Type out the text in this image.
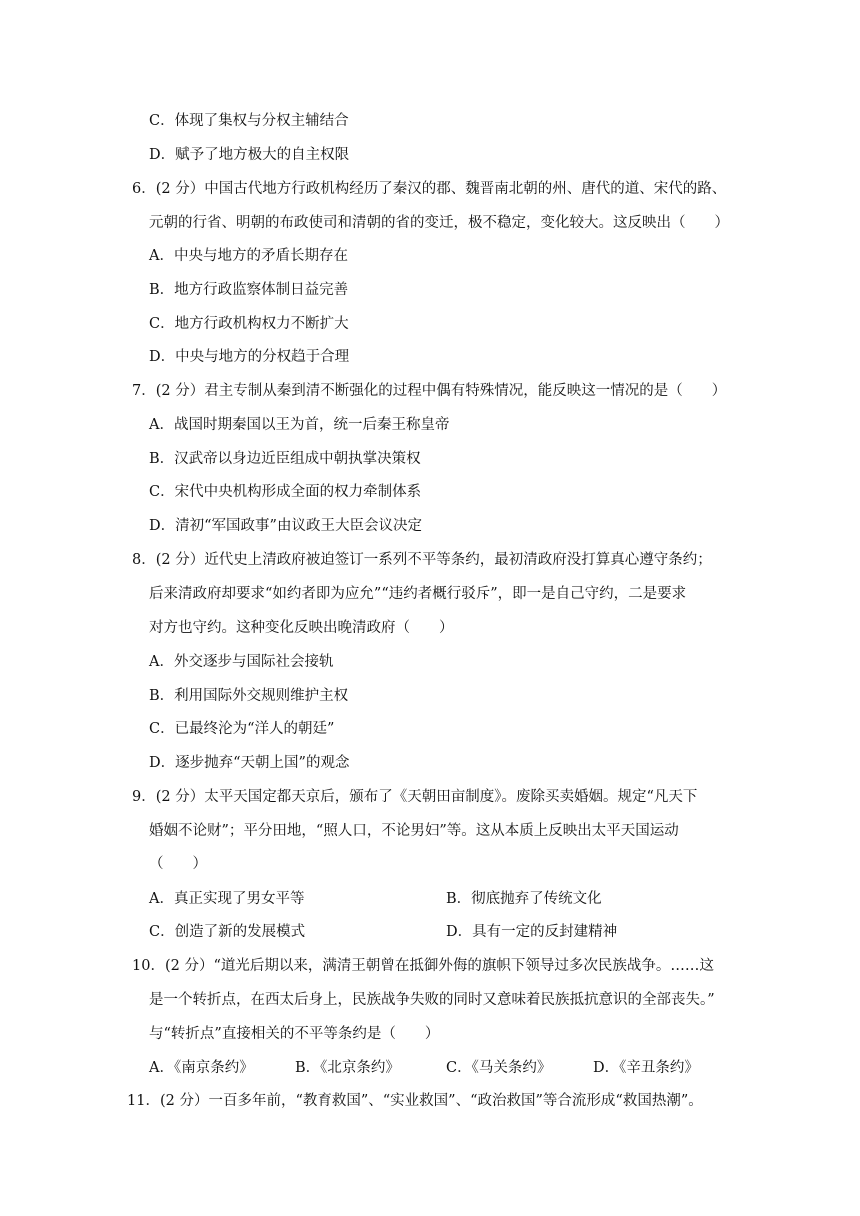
C．体现了集权与分权主辅结合
D．赋予了地方极大的自主权限
6．(2 分）中国古代地方行政机构经历了秦汉的郡、魏晋南北朝的州、唐代的道、宋代的路、
元朝的行省、明朝的布政使司和清朝的省的变迁，极不稳定，变化较大。这反映出（　　）
A．中央与地方的矛盾长期存在
B．地方行政监察体制日益完善
C．地方行政机构权力不断扩大
D．中央与地方的分权趋于合理
7．(2 分）君主专制从秦到清不断强化的过程中偶有特殊情况，能反映这一情况的是（　　）
A．战国时期秦国以王为首，统一后秦王称皇帝
B．汉武帝以身边近臣组成中朝执掌决策权
C．宋代中央机构形成全面的权力牵制体系
D．清初“军国政事”由议政王大臣会议决定
8．(2 分）近代史上清政府被迫签订一系列不平等条约，最初清政府没打算真心遵守条约；
后来清政府却要求“如约者即为应允”“违约者概行驳斥”，即一是自己守约，二是要求
对方也守约。这种变化反映出晚清政府（　　）
A．外交逐步与国际社会接轨
B．利用国际外交规则维护主权
C．已最终沦为“洋人的朝廷”
D．逐步抛弃“天朝上国”的观念
9．(2 分）太平天国定都天京后，颁布了《天朝田亩制度》。废除买卖婚姻。规定“凡天下
婚姻不论财”；平分田地，“照人口，不论男妇”等。这从本质上反映出太平天国运动
（　　）
A．真正实现了男女平等	B．彻底抛弃了传统文化
C．创造了新的发展模式	D．具有一定的反封建精神
10．(2 分）“道光后期以来，满清王朝曾在抵御外侮的旗帜下领导过多次民族战争。……这
是一个转折点，在西太后身上，民族战争失败的同时又意味着民族抵抗意识的全部丧失。”
与“转折点”直接相关的不平等条约是（　　）
A．《南京条约》	B．《北京条约》	C．《马关条约》	D．《辛丑条约》
11．(2 分）一百多年前，“教育救国”、“实业救国”、“政治救国”等合流形成“救国热潮”。
